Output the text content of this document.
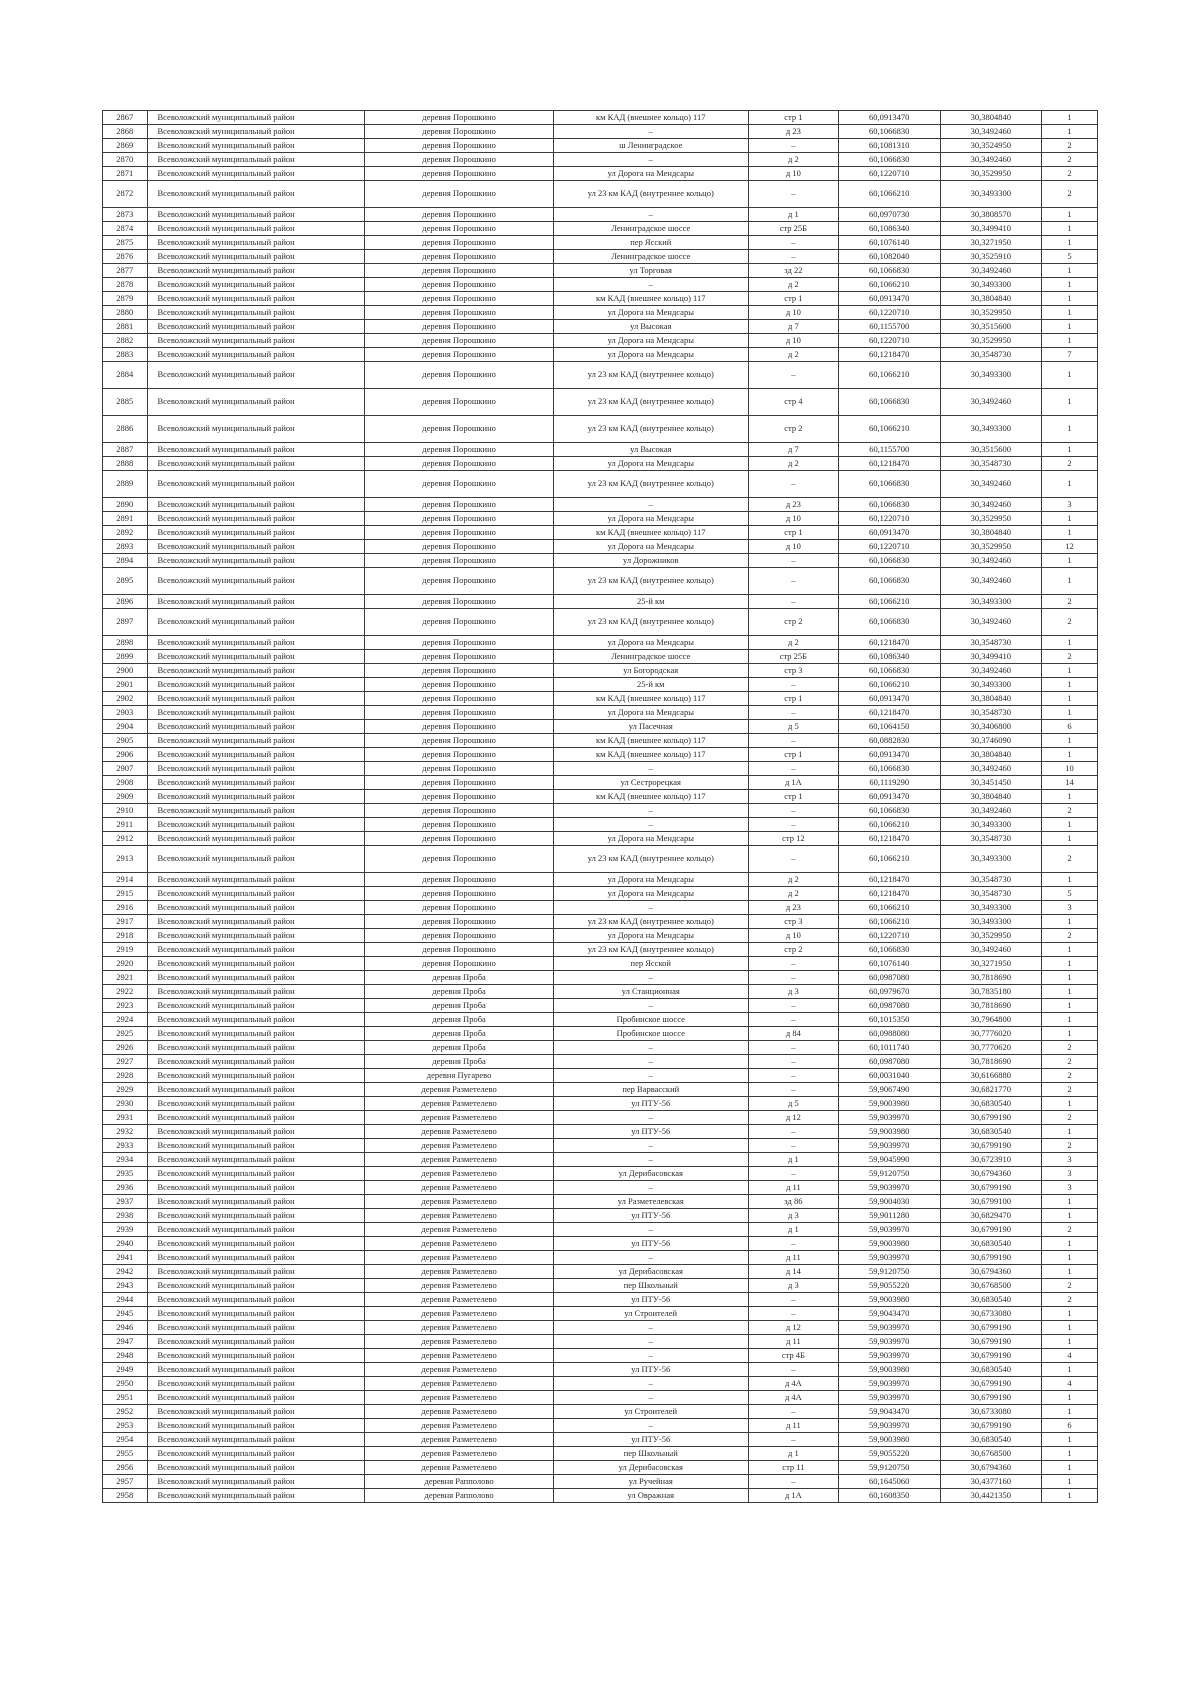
2867	Всеволожский муниципальный район	деревня Порошкино	км КАД (внешнее кольцо) 117	стр 1	60,0913470	30,3804840	1
2868	Всеволожский муниципальный район	деревня Порошкино	–	д 23	60,1066830	30,3492460	1
2869	Всеволожский муниципальный район	деревня Порошкино	ш Ленинградское	–	60,1081310	30,3524950	2
2870	Всеволожский муниципальный район	деревня Порошкино	–	д 2	60,1066830	30,3492460	2
2871	Всеволожский муниципальный район	деревня Порошкино	ул Дорога на Мендсары	д 10	60,1220710	30,3529950	2
2872	Всеволожский муниципальный район	деревня Порошкино	ул 23 км КАД (внутреннее кольцо)	–	60,1066210	30,3493300	2
2873	Всеволожский муниципальный район	деревня Порошкино	–	д 1	60,0970730	30,3808570	1
2874	Всеволожский муниципальный район	деревня Порошкино	Ленинградское шоссе	стр 25Б	60,1086340	30,3499410	1
2875	Всеволожский муниципальный район	деревня Порошкино	пер Ясский	–	60,1076140	30,3271950	1
2876	Всеволожский муниципальный район	деревня Порошкино	Ленинградское шоссе	–	60,1082040	30,3525910	5
2877	Всеволожский муниципальный район	деревня Порошкино	ул Торговая	зд 22	60,1066830	30,3492460	1
2878	Всеволожский муниципальный район	деревня Порошкино	–	д 2	60,1066210	30,3493300	1
2879	Всеволожский муниципальный район	деревня Порошкино	км КАД (внешнее кольцо) 117	стр 1	60,0913470	30,3804840	1
2880	Всеволожский муниципальный район	деревня Порошкино	ул Дорога на Мендсары	д 10	60,1220710	30,3529950	1
2881	Всеволожский муниципальный район	деревня Порошкино	ул Высокая	д 7	60,1155700	30,3515600	1
2882	Всеволожский муниципальный район	деревня Порошкино	ул Дорога на Мендсары	д 10	60,1220710	30,3529950	1
2883	Всеволожский муниципальный район	деревня Порошкино	ул Дорога на Мендсары	д 2	60,1218470	30,3548730	7
2884	Всеволожский муниципальный район	деревня Порошкино	ул 23 км КАД (внутреннее кольцо)	–	60,1066210	30,3493300	1
2885	Всеволожский муниципальный район	деревня Порошкино	ул 23 км КАД (внутреннее кольцо)	стр 4	60,1066830	30,3492460	1
2886	Всеволожский муниципальный район	деревня Порошкино	ул 23 км КАД (внутреннее кольцо)	стр 2	60,1066210	30,3493300	1
2887	Всеволожский муниципальный район	деревня Порошкино	ул Высокая	д 7	60,1155700	30,3515600	1
2888	Всеволожский муниципальный район	деревня Порошкино	ул Дорога на Мендсары	д 2	60,1218470	30,3548730	2
2889	Всеволожский муниципальный район	деревня Порошкино	ул 23 км КАД (внутреннее кольцо)	–	60,1066830	30,3492460	1
2890	Всеволожский муниципальный район	деревня Порошкино	–	д 23	60,1066830	30,3492460	3
2891	Всеволожский муниципальный район	деревня Порошкино	ул Дорога на Мендсары	д 10	60,1220710	30,3529950	1
2892	Всеволожский муниципальный район	деревня Порошкино	км КАД (внешнее кольцо) 117	стр 1	60,0913470	30,3804840	1
2893	Всеволожский муниципальный район	деревня Порошкино	ул Дорога на Мендсары	д 10	60,1220710	30,3529950	12
2894	Всеволожский муниципальный район	деревня Порошкино	ул Дорожников	–	60,1066830	30,3492460	1
2895	Всеволожский муниципальный район	деревня Порошкино	ул 23 км КАД (внутреннее кольцо)	–	60,1066830	30,3492460	1
2896	Всеволожский муниципальный район	деревня Порошкино	25-й км	–	60,1066210	30,3493300	2
2897	Всеволожский муниципальный район	деревня Порошкино	ул 23 км КАД (внутреннее кольцо)	стр 2	60,1066830	30,3492460	2
2898	Всеволожский муниципальный район	деревня Порошкино	ул Дорога на Мендсары	д 2	60,1218470	30,3548730	1
2899	Всеволожский муниципальный район	деревня Порошкино	Ленинградское шоссе	стр 25Б	60,1086340	30,3499410	2
2900	Всеволожский муниципальный район	деревня Порошкино	ул Богородская	стр 3	60,1066830	30,3492460	1
2901	Всеволожский муниципальный район	деревня Порошкино	25-й км	–	60,1066210	30,3493300	1
2902	Всеволожский муниципальный район	деревня Порошкино	км КАД (внешнее кольцо) 117	стр 1	60,0913470	30,3804840	1
2903	Всеволожский муниципальный район	деревня Порошкино	ул Дорога на Мендсары	–	60,1218470	30,3548730	1
2904	Всеволожский муниципальный район	деревня Порошкино	ул Пасечная	д 5	60,1064150	30,3406800	6
2905	Всеволожский муниципальный район	деревня Порошкино	км КАД (внешнее кольцо) 117	–	60,0882830	30,3746090	1
2906	Всеволожский муниципальный район	деревня Порошкино	км КАД (внешнее кольцо) 117	стр 1	60,0913470	30,3804840	1
2907	Всеволожский муниципальный район	деревня Порошкино	–	–	60,1066830	30,3492460	10
2908	Всеволожский муниципальный район	деревня Порошкино	ул Сестрорецкая	д 1А	60,1119290	30,3451450	14
2909	Всеволожский муниципальный район	деревня Порошкино	км КАД (внешнее кольцо) 117	стр 1	60,0913470	30,3804840	1
2910	Всеволожский муниципальный район	деревня Порошкино	–	–	60,1066830	30,3492460	2
2911	Всеволожский муниципальный район	деревня Порошкино	–	–	60,1066210	30,3493300	1
2912	Всеволожский муниципальный район	деревня Порошкино	ул Дорога на Мендсары	стр 12	60,1218470	30,3548730	1
2913	Всеволожский муниципальный район	деревня Порошкино	ул 23 км КАД (внутреннее кольцо)	–	60,1066210	30,3493300	2
2914	Всеволожский муниципальный район	деревня Порошкино	ул Дорога на Мендсары	д 2	60,1218470	30,3548730	1
2915	Всеволожский муниципальный район	деревня Порошкино	ул Дорога на Мендсары	д 2	60,1218470	30,3548730	5
2916	Всеволожский муниципальный район	деревня Порошкино	–	д 23	60,1066210	30,3493300	3
2917	Всеволожский муниципальный район	деревня Порошкино	ул 23 км КАД (внутреннее кольцо)	стр 3	60,1066210	30,3493300	1
2918	Всеволожский муниципальный район	деревня Порошкино	ул Дорога на Мендсары	д 10	60,1220710	30,3529950	2
2919	Всеволожский муниципальный район	деревня Порошкино	ул 23 км КАД (внутреннее кольцо)	стр 2	60,1066830	30,3492460	1
2920	Всеволожский муниципальный район	деревня Порошкино	пер Ясской	–	60,1076140	30,3271950	1
2921	Всеволожский муниципальный район	деревня Проба	–	–	60,0987080	30,7818690	1
2922	Всеволожский муниципальный район	деревня Проба	ул Станционная	д 3	60,0979670	30,7835180	1
2923	Всеволожский муниципальный район	деревня Проба	–	–	60,0987080	30,7818690	1
2924	Всеволожский муниципальный район	деревня Проба	Пробинское шоссе	–	60,1015350	30,7964800	1
2925	Всеволожский муниципальный район	деревня Проба	Пробинское шоссе	д 84	60,0988080	30,7776020	1
2926	Всеволожский муниципальный район	деревня Проба	–	–	60,1011740	30,7770620	2
2927	Всеволожский муниципальный район	деревня Проба	–	–	60,0987080	30,7818690	2
2928	Всеволожский муниципальный район	деревня Пугарево	–	–	60,0031040	30,6166880	2
2929	Всеволожский муниципальный район	деревня Разметелево	пер Варвасский	–	59,9067490	30,6821770	2
2930	Всеволожский муниципальный район	деревня Разметелево	ул ПТУ-56	д 5	59,9003980	30,6830540	1
2931	Всеволожский муниципальный район	деревня Разметелево	–	д 12	59,9039970	30,6799190	2
2932	Всеволожский муниципальный район	деревня Разметелево	ул ПТУ-56	–	59,9003980	30,6830540	1
2933	Всеволожский муниципальный район	деревня Разметелево	–	–	59,9039970	30,6799190	2
2934	Всеволожский муниципальный район	деревня Разметелево	–	д 1	59,9045990	30,6723910	3
2935	Всеволожский муниципальный район	деревня Разметелево	ул Дерибасовская	–	59,9120750	30,6794360	3
2936	Всеволожский муниципальный район	деревня Разметелево	–	д 11	59,9039970	30,6799190	3
2937	Всеволожский муниципальный район	деревня Разметелево	ул Разметелевская	зд 86	59,9004030	30,6799100	1
2938	Всеволожский муниципальный район	деревня Разметелево	ул ПТУ-56	д 3	59,9011280	30,6829470	1
2939	Всеволожский муниципальный район	деревня Разметелево	–	д 1	59,9039970	30,6799190	2
2940	Всеволожский муниципальный район	деревня Разметелево	ул ПТУ-56	–	59,9003980	30,6830540	1
2941	Всеволожский муниципальный район	деревня Разметелево	–	д 11	59,9039970	30,6799190	1
2942	Всеволожский муниципальный район	деревня Разметелево	ул Дерибасовская	д 14	59,9120750	30,6794360	1
2943	Всеволожский муниципальный район	деревня Разметелево	пер Школьный	д 3	59,9055220	30,6768500	2
2944	Всеволожский муниципальный район	деревня Разметелево	ул ПТУ-56	–	59,9003980	30,6830540	2
2945	Всеволожский муниципальный район	деревня Разметелево	ул Строителей	–	59,9043470	30,6733080	1
2946	Всеволожский муниципальный район	деревня Разметелево	–	д 12	59,9039970	30,6799190	1
2947	Всеволожский муниципальный район	деревня Разметелево	–	д 11	59,9039970	30,6799190	1
2948	Всеволожский муниципальный район	деревня Разметелево	–	стр 4Б	59,9039970	30,6799190	4
2949	Всеволожский муниципальный район	деревня Разметелево	ул ПТУ-56	–	59,9003980	30,6830540	1
2950	Всеволожский муниципальный район	деревня Разметелево	–	д 4А	59,9039970	30,6799190	4
2951	Всеволожский муниципальный район	деревня Разметелево	–	д 4А	59,9039970	30,6799190	1
2952	Всеволожский муниципальный район	деревня Разметелево	ул Строителей	–	59,9043470	30,6733080	1
2953	Всеволожский муниципальный район	деревня Разметелево	–	д 11	59,9039970	30,6799190	6
2954	Всеволожский муниципальный район	деревня Разметелево	ул ПТУ-56	–	59,9003980	30,6830540	1
2955	Всеволожский муниципальный район	деревня Разметелево	пер Школьный	д 1	59,9055220	30,6768500	1
2956	Всеволожский муниципальный район	деревня Разметелево	ул Дерибасовская	стр 11	59,9120750	30,6794360	1
2957	Всеволожский муниципальный район	деревня Рапполово	ул Ручейная	–	60,1645060	30,4377160	1
2958	Всеволожский муниципальный район	деревня Рапполово	ул Овражная	д 1А	60,1608350	30,4421350	1
